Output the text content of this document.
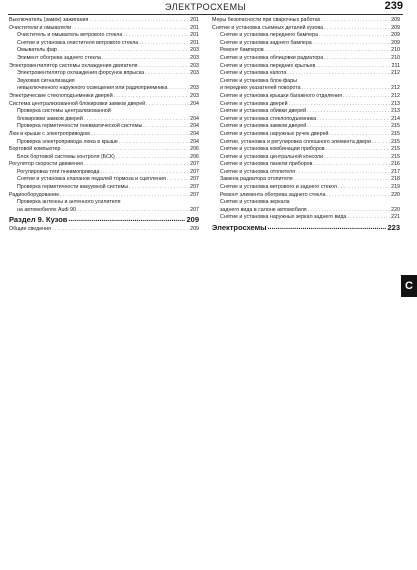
ЭЛЕКТРОСХЕМЫ	239
Выключатель (замок) зажигания . . .	201
Очистители и омыватели . . .	201
Очиститель и омыватель ветрового стекла . . .	201
Снятие и установка очистителя ветрового стекла . . .	201
Омыватель фар . . .	203
Элемент обогрева заднего стекла . . .	203
Электровентилятор системы охлаждения двигателя . . .	203
Электровентилятор охлаждения форсунок впрыска . . .	203
Звуковая сигнализация
невыключенного наружного освещения или радиоприемника . . .	203
Электрические стеклоподъемники дверей . . .	203
Система централизованной блокировки замков дверей . . .	204
Проверка системы централизованной
блокировки замков дверей . . .	204
Проверка герметичности пневматической системы . . .	204
Люк в крыше с электроприводом . . .	204
Проверка электропривода люка в крыше . . .	204
Бортовой компьютер . . .	206
Блок бортовой системы контроля (БСК) . . .	206
Регулятор скорости движения . . .	207
Регулировка тяги пневмопривода . . .	207
Снятие и установка клапанов педалей тормоза и сцепления . . .	207
Проверка герметичности вакуумной системы . . .	207
Радиооборудование . . .	207
Проверка антенны и антенного усилителя
на автомобилях Audi 90 . . .	207
Раздел 9. Кузов .....	209
Общие сведения . . .	209
Меры безопасности при сварочных работах . . .	209
Снятие и установка съемных деталей кузова . . .	209
Снятие и установка переднего бампера . . .	209
Снятие и установка заднего бампера . . .	209
Ремонт бамперов . . .	210
Снятие и установка облицовки радиатора . . .	210
Снятие и установка передних крыльев . . .	211
Снятие и установка капота . . .	212
Снятие и установка блок-фары
и передних указателей поворота . . .	212
Снятие и установка крышки багажного отделения . . .	212
Снятие и установка дверей . . .	213
Снятие и установка обивки дверей . . .	213
Снятие и установка стеклоподъемника . . .	214
Снятие и установка замков дверей . . .	215
Снятие и установка наружных ручек дверей . . .	215
Снятие, установка и регулировка сплошного элемента двери . . .	215
Снятие и установка комбинации приборов . . .	215
Снятие и установка центральной консоли . . .	215
Снятие и установка панели приборов . . .	216
Снятие и установка отопителя . . .	217
Замена радиатора отопителя . . .	218
Снятие и установка ветрового и заднего стекол . . .	219
Ремонт элемента обогрева заднего стекла . . .	220
Снятие и установка зеркала
заднего вида в салоне автомобиля . . .	220
Снятие и установка наружных зеркал заднего вида . . .	221
Электросхемы .....	223
C
